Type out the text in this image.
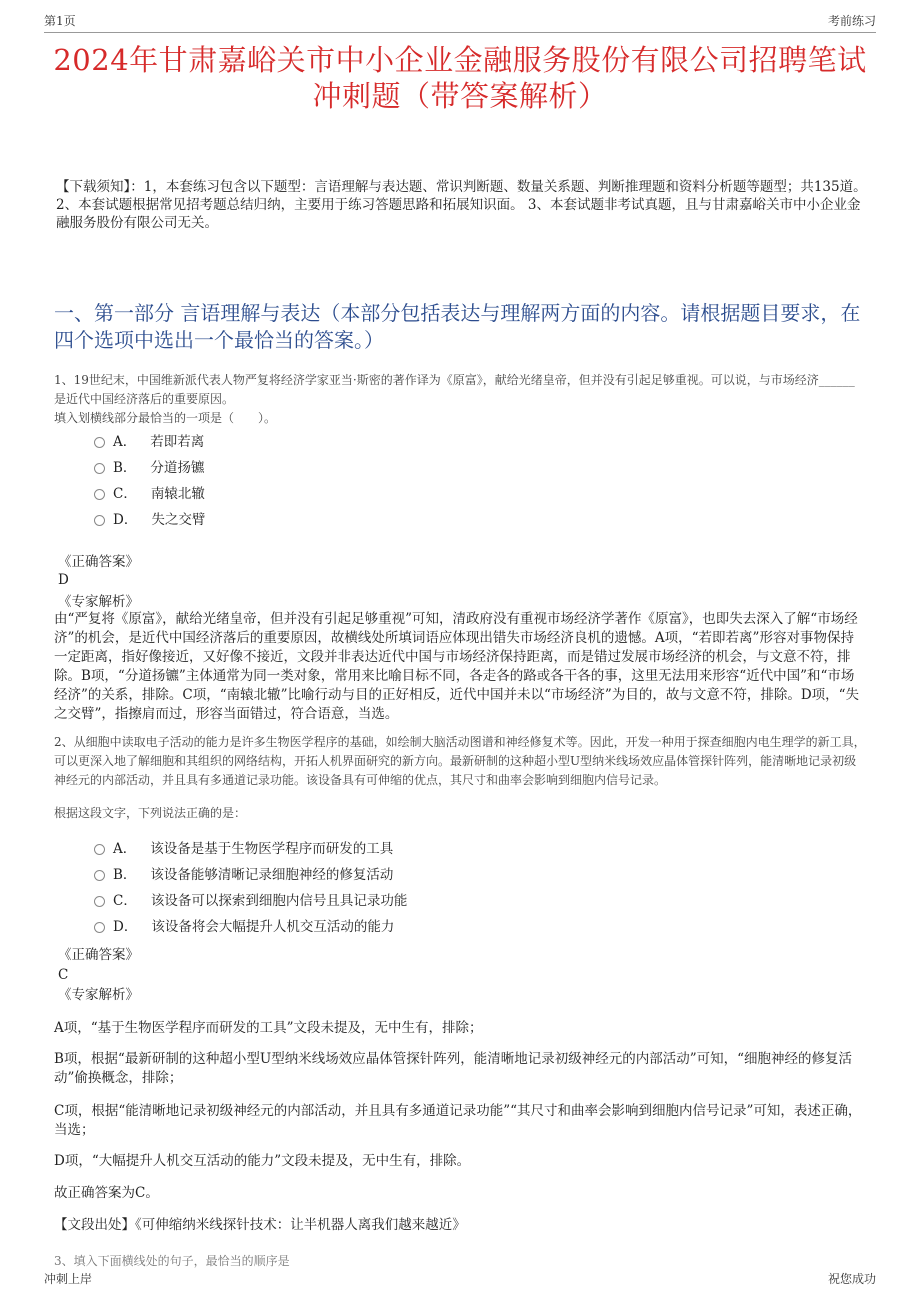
第1页	考前练习
2024年甘肃嘉峪关市中小企业金融服务股份有限公司招聘笔试冲刺题（带答案解析）
【下载须知】：1，本套练习包含以下题型：言语理解与表达题、常识判断题、数量关系题、判断推理题和资料分析题等题型；共135道。 2、本套试题根据常见招考题总结归纳，主要用于练习答题思路和拓展知识面。 3、本套试题非考试真题，且与甘肃嘉峪关市中小企业金融服务股份有限公司无关。
一、第一部分 言语理解与表达（本部分包括表达与理解两方面的内容。请根据题目要求，在四个选项中选出一个最恰当的答案。）
1、19世纪末，中国维新派代表人物严复将经济学家亚当·斯密的著作译为《原富》，献给光绪皇帝，但并没有引起足够重视。可以说，与市场经济______是近代中国经济落后的重要原因。
填入划横线部分最恰当的一项是（　　）。
A． 若即若离
B． 分道扬镳
C． 南辕北辙
D． 失之交臂
《正确答案》
D
《专家解析》
由“严复将《原富》，献给光绪皇帝，但并没有引起足够重视”可知，清政府没有重视市场经济学著作《原富》，也即失去深入了解“市场经济”的机会，是近代中国经济落后的重要原因，故横线处所填词语应体现出错失市场经济良机的遗憾。A项，“若即若离”形容对事物保持一定距离，指好像接近，又好像不接近，文段并非表达近代中国与市场经济保持距离，而是错过发展市场经济的机会，与文意不符，排除。B项，“分道扬镳”主体通常为同一类对象，常用来比喻目标不同，各走各的路或各干各的事，这里无法用来形容“近代中国”和“市场经济”的关系，排除。C项，“南辕北辙”比喻行动与目的正好相反，近代中国并未以“市场经济”为目的，故与文意不符，排除。D项，“失之交臂”，指擦肩而过，形容当面错过，符合语意，当选。
2、从细胞中读取电子活动的能力是许多生物医学程序的基础，如绘制大脑活动图谱和神经修复术等。因此，开发一种用于探查细胞内电生理学的新工具，可以更深入地了解细胞和其组织的网络结构，开拓人机界面研究的新方向。最新研制的这种超小型U型纳米线场效应晶体管探针阵列，能清晰地记录初级神经元的内部活动，并且具有多通道记录功能。该设备具有可伸缩的优点，其尺寸和曲率会影响到细胞内信号记录。
根据这段文字，下列说法正确的是：
A． 该设备是基于生物医学程序而研发的工具
B． 该设备能够清晰记录细胞神经的修复活动
C． 该设备可以探索到细胞内信号且具记录功能
D． 该设备将会大幅提升人机交互活动的能力
《正确答案》
C
《专家解析》
A项，“基于生物医学程序而研发的工具”文段未提及，无中生有，排除；
B项，根据“最新研制的这种超小型U型纳米线场效应晶体管探针阵列，能清晰地记录初级神经元的内部活动”可知，“细胞神经的修复活动”偷换概念，排除；
C项，根据“能清晰地记录初级神经元的内部活动，并且具有多通道记录功能”“其尺寸和曲率会影响到细胞内信号记录”可知，表述正确，当选；
D项，“大幅提升人机交互活动的能力”文段未提及，无中生有，排除。
故正确答案为C。
【文段出处】《可伸缩纳米线探针技术：让半机器人离我们越来越近》
3、填入下面横线处的句子，最恰当的顺序是
冲刺上岸	祝您成功
